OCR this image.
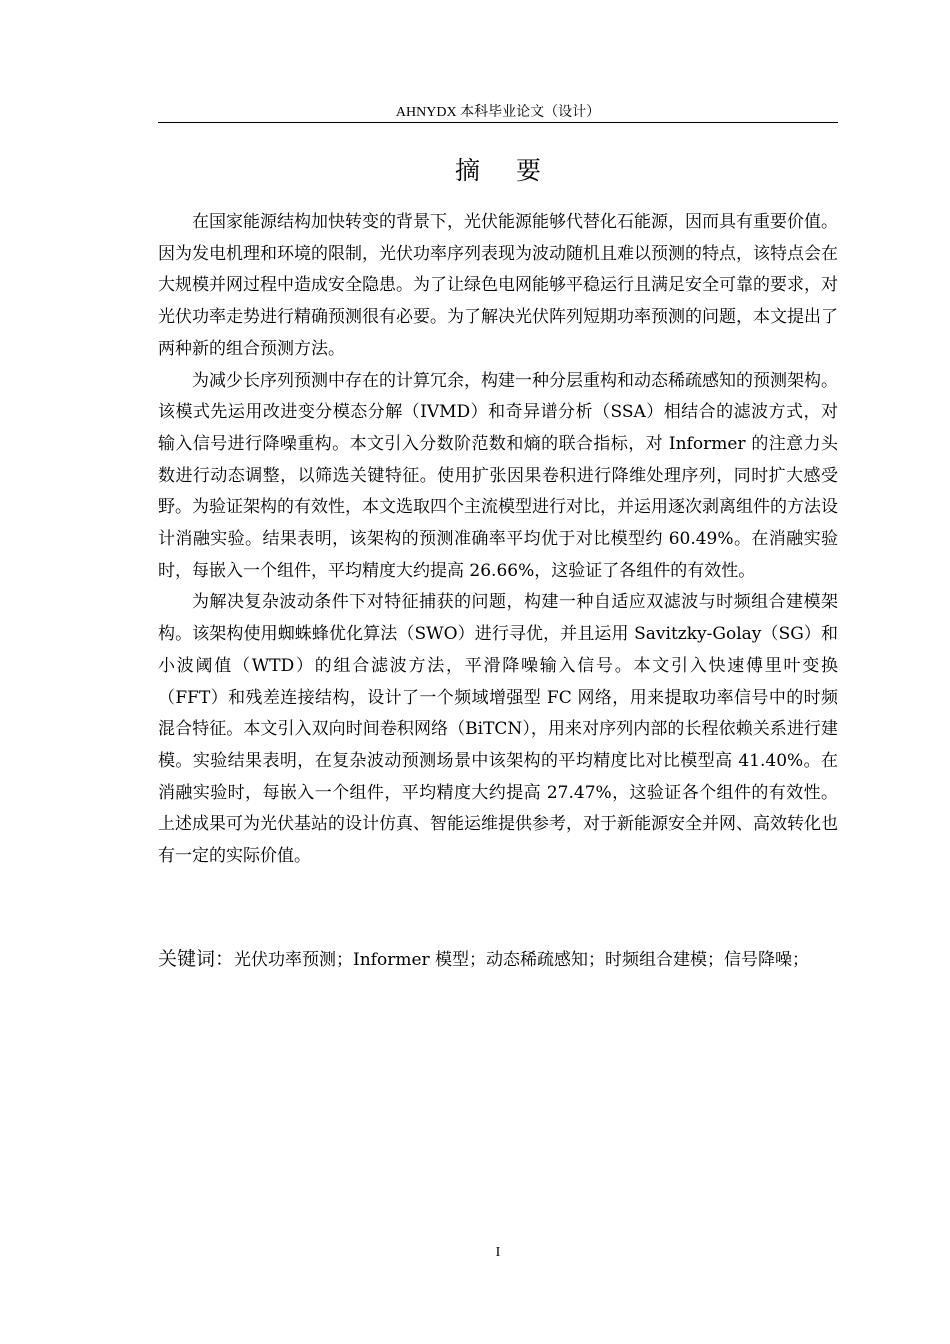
AHNYDX 本科毕业论文（设计）
摘 要

在国家能源结构加快转变的背景下，光伏能源能够代替化石能源，因而具有重要价值。因为发电机理和环境的限制，光伏功率序列表现为波动随机且难以预测的特点，该特点会在大规模并网过程中造成安全隐患。为了让绿色电网能够平稳运行且满足安全可靠的要求，对光伏功率走势进行精确预测很有必要。为了解决光伏阵列短期功率预测的问题，本文提出了两种新的组合预测方法。

为减少长序列预测中存在的计算冗余，构建一种分层重构和动态稀疏感知的预测架构。该模式先运用改进变分模态分解（IVMD）和奇异谱分析（SSA）相结合的滤波方式，对输入信号进行降噪重构。本文引入分数阶范数和熵的联合指标，对 Informer 的注意力头数进行动态调整，以筛选关键特征。使用扩张因果卷积进行降维处理序列，同时扩大感受野。为验证架构的有效性，本文选取四个主流模型进行对比，并运用逐次剥离组件的方法设计消融实验。结果表明，该架构的预测准确率平均优于对比模型约 60.49%。在消融实验时，每嵌入一个组件，平均精度大约提高 26.66%，这验证了各组件的有效性。

为解决复杂波动条件下对特征捕获的问题，构建一种自适应双滤波与时频组合建模架构。该架构使用蜘蛛蜂优化算法（SWO）进行寻优，并且运用 Savitzky-Golay（SG）和小波阈值（WTD）的组合滤波方法，平滑降噪输入信号。本文引入快速傅里叶变换（FFT）和残差连接结构，设计了一个频域增强型 FC 网络，用来提取功率信号中的时频混合特征。本文引入双向时间卷积网络（BiTCN），用来对序列内部的长程依赖关系进行建模。实验结果表明，在复杂波动预测场景中该架构的平均精度比对比模型高 41.40%。在消融实验时，每嵌入一个组件，平均精度大约提高 27.47%，这验证各个组件的有效性。上述成果可为光伏基站的设计仿真、智能运维提供参考，对于新能源安全并网、高效转化也有一定的实际价值。

关键词：光伏功率预测；Informer 模型；动态稀疏感知；时频组合建模；信号降噪；
I
